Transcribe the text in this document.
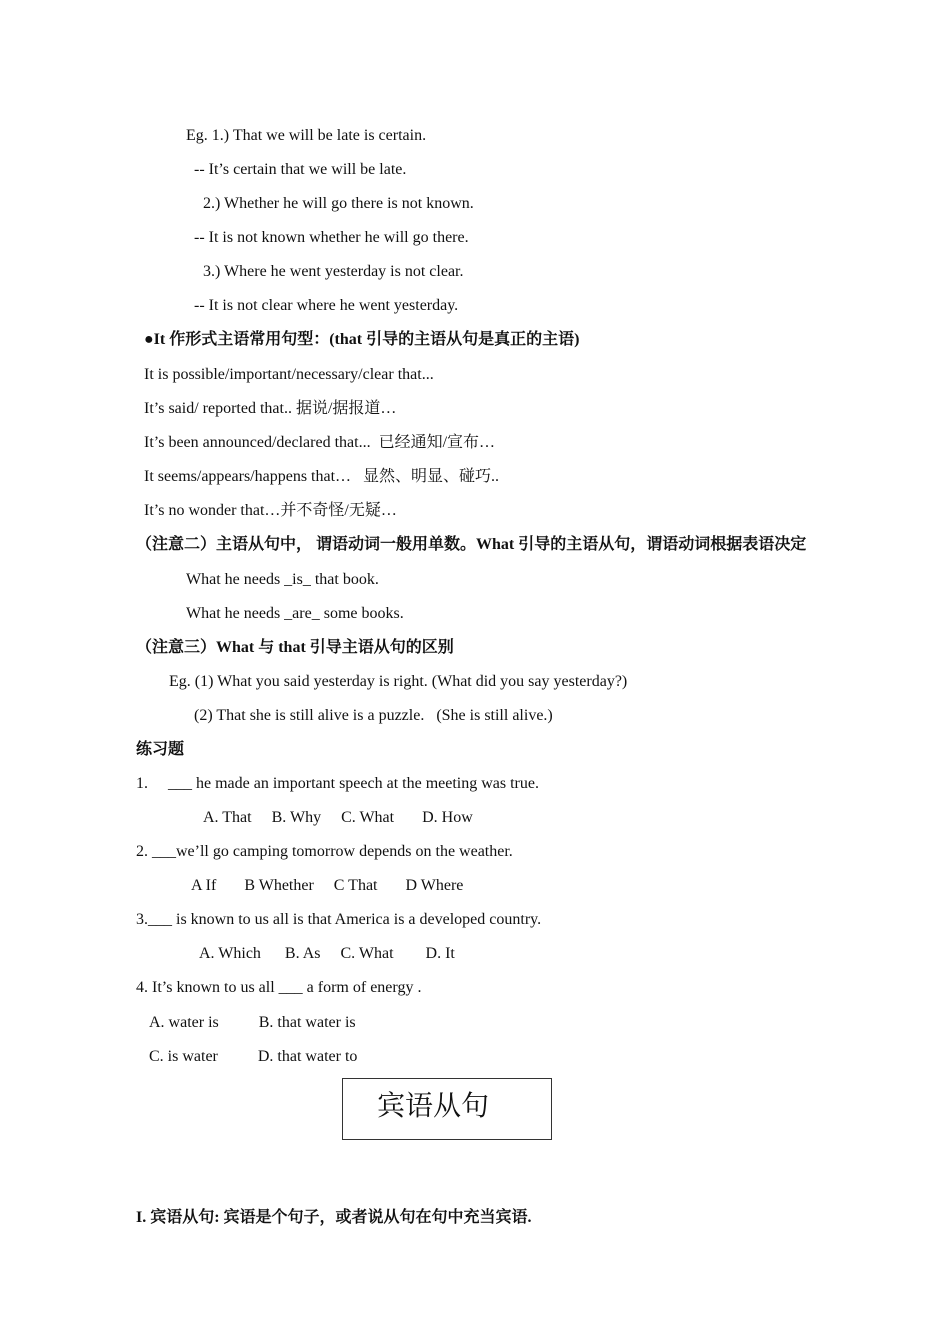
Eg. 1.) That we will be late is certain.
-- It’s certain that we will be late.
2.) Whether he will go there is not known.
-- It is not known whether he will go there.
3.) Where he went yesterday is not clear.
-- It is not clear where he went yesterday.
●It 作形式主语常用句型：(that 引导的主语从句是真正的主语)
It is possible/important/necessary/clear that...
It’s said/ reported that.. 据说/据报道…
It’s been announced/declared that...  已经通知/宣布…
It seems/appears/happens that…   显然、明显、碰巧..
It’s no wonder that…并不奇怪/无疑…
（注意二）主语从句中， 谓语动词一般用单数。What 引导的主语从句，谓语动词根据表语决定
What he needs _is_ that book.
What he needs _are_ some books.
（注意三）What 与 that 引导主语从句的区别
Eg. (1) What you said yesterday is right. (What did you say yesterday?)
(2) That she is still alive is a puzzle.   (She is still alive.)
练习题
1.     ___ he made an important speech at the meeting was true.
A. That     B. Why     C. What       D. How
2. ___we’ll go camping tomorrow depends on the weather.
A If       B Whether     C That       D Where
3.___ is known to us all is that America is a developed country.
A. Which      B. As     C. What        D. It
4. It’s known to us all ___ a form of energy .
A. water is          B. that water is
C. is water          D. that water to
宾语从句
I. 宾语从句: 宾语是个句子，或者说从句在句中充当宾语.
